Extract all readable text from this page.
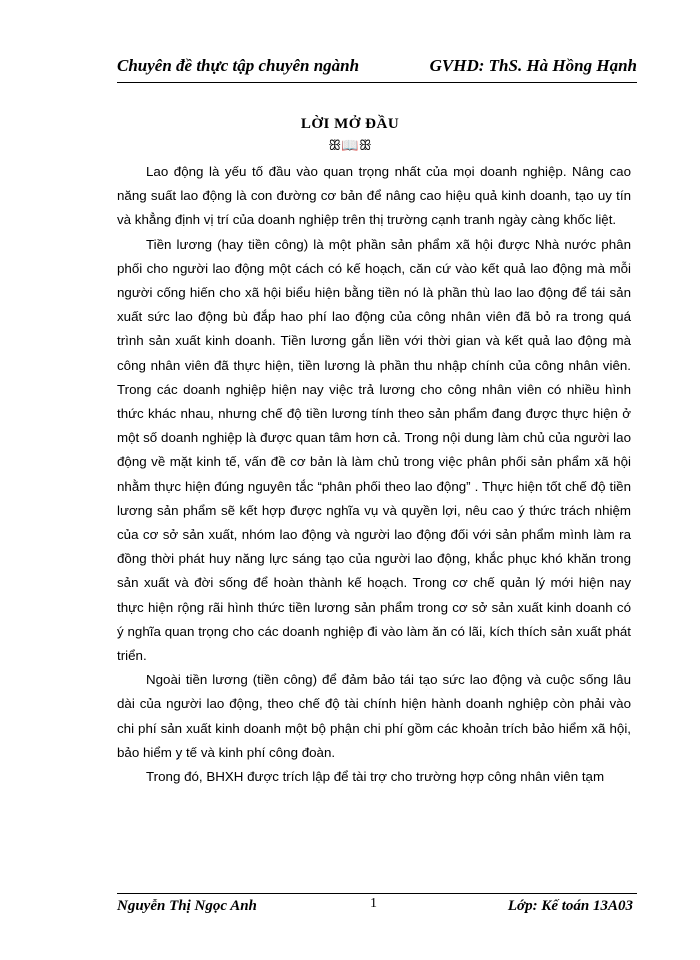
Chuyên đề thực tập chuyên ngành	GVHD: ThS. Hà Hồng Hạnh
LỜI MỞ ĐẦU
ꕥ📖ꕥ

Lao động là yếu tố đầu vào quan trọng nhất của mọi doanh nghiệp. Nâng cao năng suất lao động là con đường cơ bản để nâng cao hiệu quả kinh doanh, tạo uy tín và khẳng định vị trí của doanh nghiệp trên thị trường cạnh tranh ngày càng khốc liệt.

Tiền lương (hay tiền công) là một phần sản phẩm xã hội được Nhà nước phân phối cho người lao động một cách có kế hoạch, căn cứ vào kết quả lao động mà mỗi người cống hiến cho xã hội biểu hiện bằng tiền nó là phần thù lao lao động để tái sản xuất sức lao động bù đắp hao phí lao động của công nhân viên đã bỏ ra trong quá trình sản xuất kinh doanh. Tiền lương gắn liền với thời gian và kết quả lao động mà công nhân viên đã thực hiện, tiền lương là phần thu nhập chính của công nhân viên. Trong các doanh nghiệp hiện nay việc trả lương cho công nhân viên có nhiều hình thức khác nhau, nhưng chế độ tiền lương tính theo sản phẩm đang được thực hiện ở một số doanh nghiệp là được quan tâm hơn cả. Trong nội dung làm chủ của người lao động về mặt kinh tế, vấn đề cơ bản là làm chủ trong việc phân phối sản phẩm xã hội nhằm thực hiện đúng nguyên tắc “phân phối theo lao động” . Thực hiện tốt chế độ tiền lương sản phẩm sẽ kết hợp được nghĩa vụ và quyền lợi, nêu cao ý thức trách nhiệm của cơ sở sản xuất, nhóm lao động và người lao động đối với sản phẩm mình làm ra đồng thời phát huy năng lực sáng tạo của người lao động, khắc phục khó khăn trong sản xuất và đời sống để hoàn thành kế hoạch. Trong cơ chế quản lý mới hiện nay thực hiện rộng rãi hình thức tiền lương sản phẩm trong cơ sở sản xuất kinh doanh có ý nghĩa quan trọng cho các doanh nghiệp đi vào làm ăn có lãi, kích thích sản xuất phát triển.

Ngoài tiền lương (tiền công) để đảm bảo tái tạo sức lao động và cuộc sống lâu dài của người lao động, theo chế độ tài chính hiện hành doanh nghiệp còn phải vào chi phí sản xuất kinh doanh một bộ phận chi phí gồm các khoản trích bảo hiểm xã hội, bảo hiểm y tế và kinh phí công đoàn.

Trong đó, BHXH được trích lập để tài trợ cho trường hợp công nhân viên tạm

Nguyễn Thị Ngọc Anh	1	Lớp: Kế toán 13A03
